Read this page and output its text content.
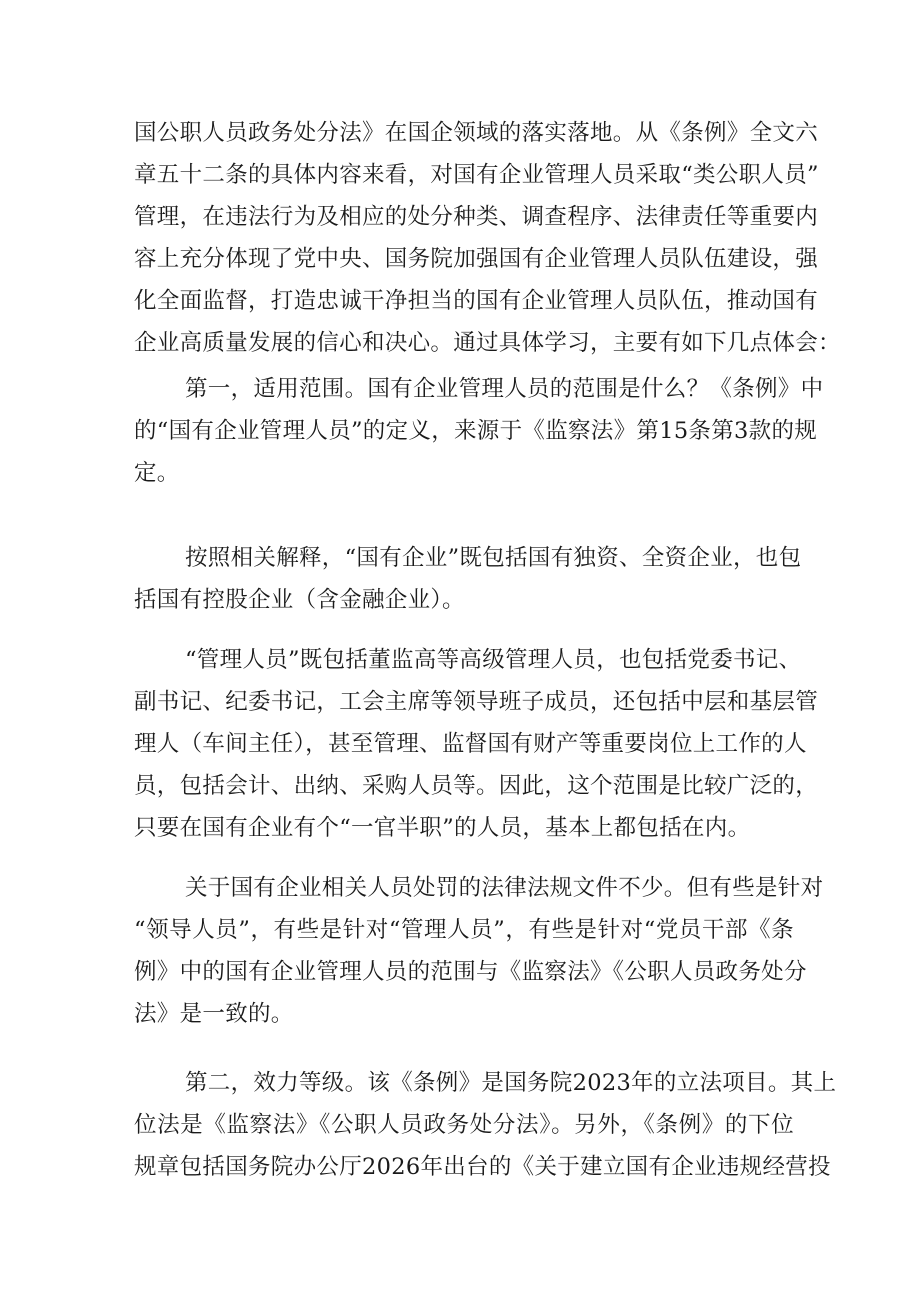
国公职人员政务处分法》在国企领域的落实落地。从《条例》全文六
章五十二条的具体内容来看，对国有企业管理人员采取“类公职人员”
管理，在违法行为及相应的处分种类、调查程序、法律责任等重要内
容上充分体现了党中央、国务院加强国有企业管理人员队伍建设，强
化全面监督，打造忠诚干净担当的国有企业管理人员队伍，推动国有
企业高质量发展的信心和决心。通过具体学习，主要有如下几点体会：
第一，适用范围。国有企业管理人员的范围是什么？《条例》中
的“国有企业管理人员”的定义，来源于《监察法》第15条第3款的规
定。
按照相关解释，“国有企业”既包括国有独资、全资企业，也包
括国有控股企业（含金融企业）。
“管理人员”既包括董监高等高级管理人员，也包括党委书记、
副书记、纪委书记，工会主席等领导班子成员，还包括中层和基层管
理人（车间主任），甚至管理、监督国有财产等重要岗位上工作的人
员，包括会计、出纳、采购人员等。因此，这个范围是比较广泛的，
只要在国有企业有个“一官半职”的人员，基本上都包括在内。
关于国有企业相关人员处罚的法律法规文件不少。但有些是针对
“领导人员”，有些是针对“管理人员”，有些是针对“党员干部《条
例》中的国有企业管理人员的范围与《监察法》《公职人员政务处分
法》是一致的。
第二，效力等级。该《条例》是国务院2023年的立法项目。其上
位法是《监察法》《公职人员政务处分法》。另外，《条例》的下位
规章包括国务院办公厅2026年出台的《关于建立国有企业违规经营投
